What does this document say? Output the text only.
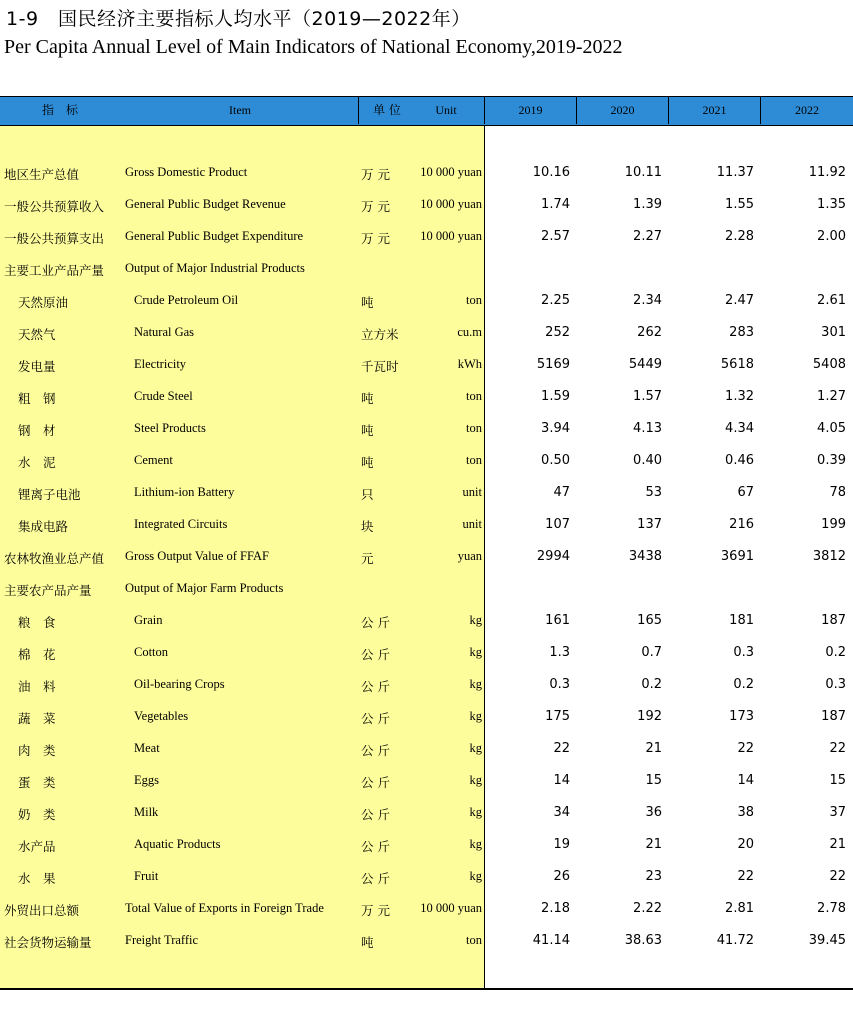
1-9　国民经济主要指标人均水平（2019—2022年）
Per Capita Annual Level of Main Indicators of National Economy,2019-2022
指　标	Item	单 位	Unit	2019	2020	2021	2022
地区生产总值	Gross Domestic Product	万 元 10 000 yuan	10.16	10.11	11.37	11.92
一般公共预算收入 General Public Budget Revenue	万 元 10 000 yuan	1.74	1.39	1.55	1.35
一般公共预算支出 General Public Budget Expenditure	万 元 10 000 yuan	2.57	2.27	2.28	2.00
主要工业产品产量 Output of Major Industrial Products
天然原油	Crude Petroleum Oil	吨	ton	2.25	2.34	2.47	2.61
天然气	Natural Gas	立方米	cu.m	252	262	283	301
发电量	Electricity	千瓦时	kWh	5169	5449	5618	5408
粗　钢	Crude Steel	吨	ton	1.59	1.57	1.32	1.27
钢　材	Steel Products	吨	ton	3.94	4.13	4.34	4.05
水　泥	Cement	吨	ton	0.50	0.40	0.46	0.39
锂离子电池	Lithium-ion Battery	只	unit	47	53	67	78
集成电路	Integrated Circuits	块	unit	107	137	216	199
农林牧渔业总产值 Gross Output Value of FFAF	元	yuan	2994	3438	3691	3812
主要农产品产量	Output of Major Farm Products
粮　食	Grain	公 斤	kg	161	165	181	187
棉　花	Cotton	公 斤	kg	1.3	0.7	0.3	0.2
油　料	Oil-bearing Crops	公 斤	kg	0.3	0.2	0.2	0.3
蔬　菜	Vegetables	公 斤	kg	175	192	173	187
肉　类	Meat	公 斤	kg	22	21	22	22
蛋　类	Eggs	公 斤	kg	14	15	14	15
奶　类	Milk	公 斤	kg	34	36	38	37
水产品	Aquatic Products	公 斤	kg	19	21	20	21
水　果	Fruit	公 斤	kg	26	23	22	22
外贸出口总额	Total Value of Exports in Foreign Trade	万 元 10 000 yuan	2.18	2.22	2.81	2.78
社会货物运输量	Freight Traffic	吨	ton	41.14	38.63	41.72	39.45
